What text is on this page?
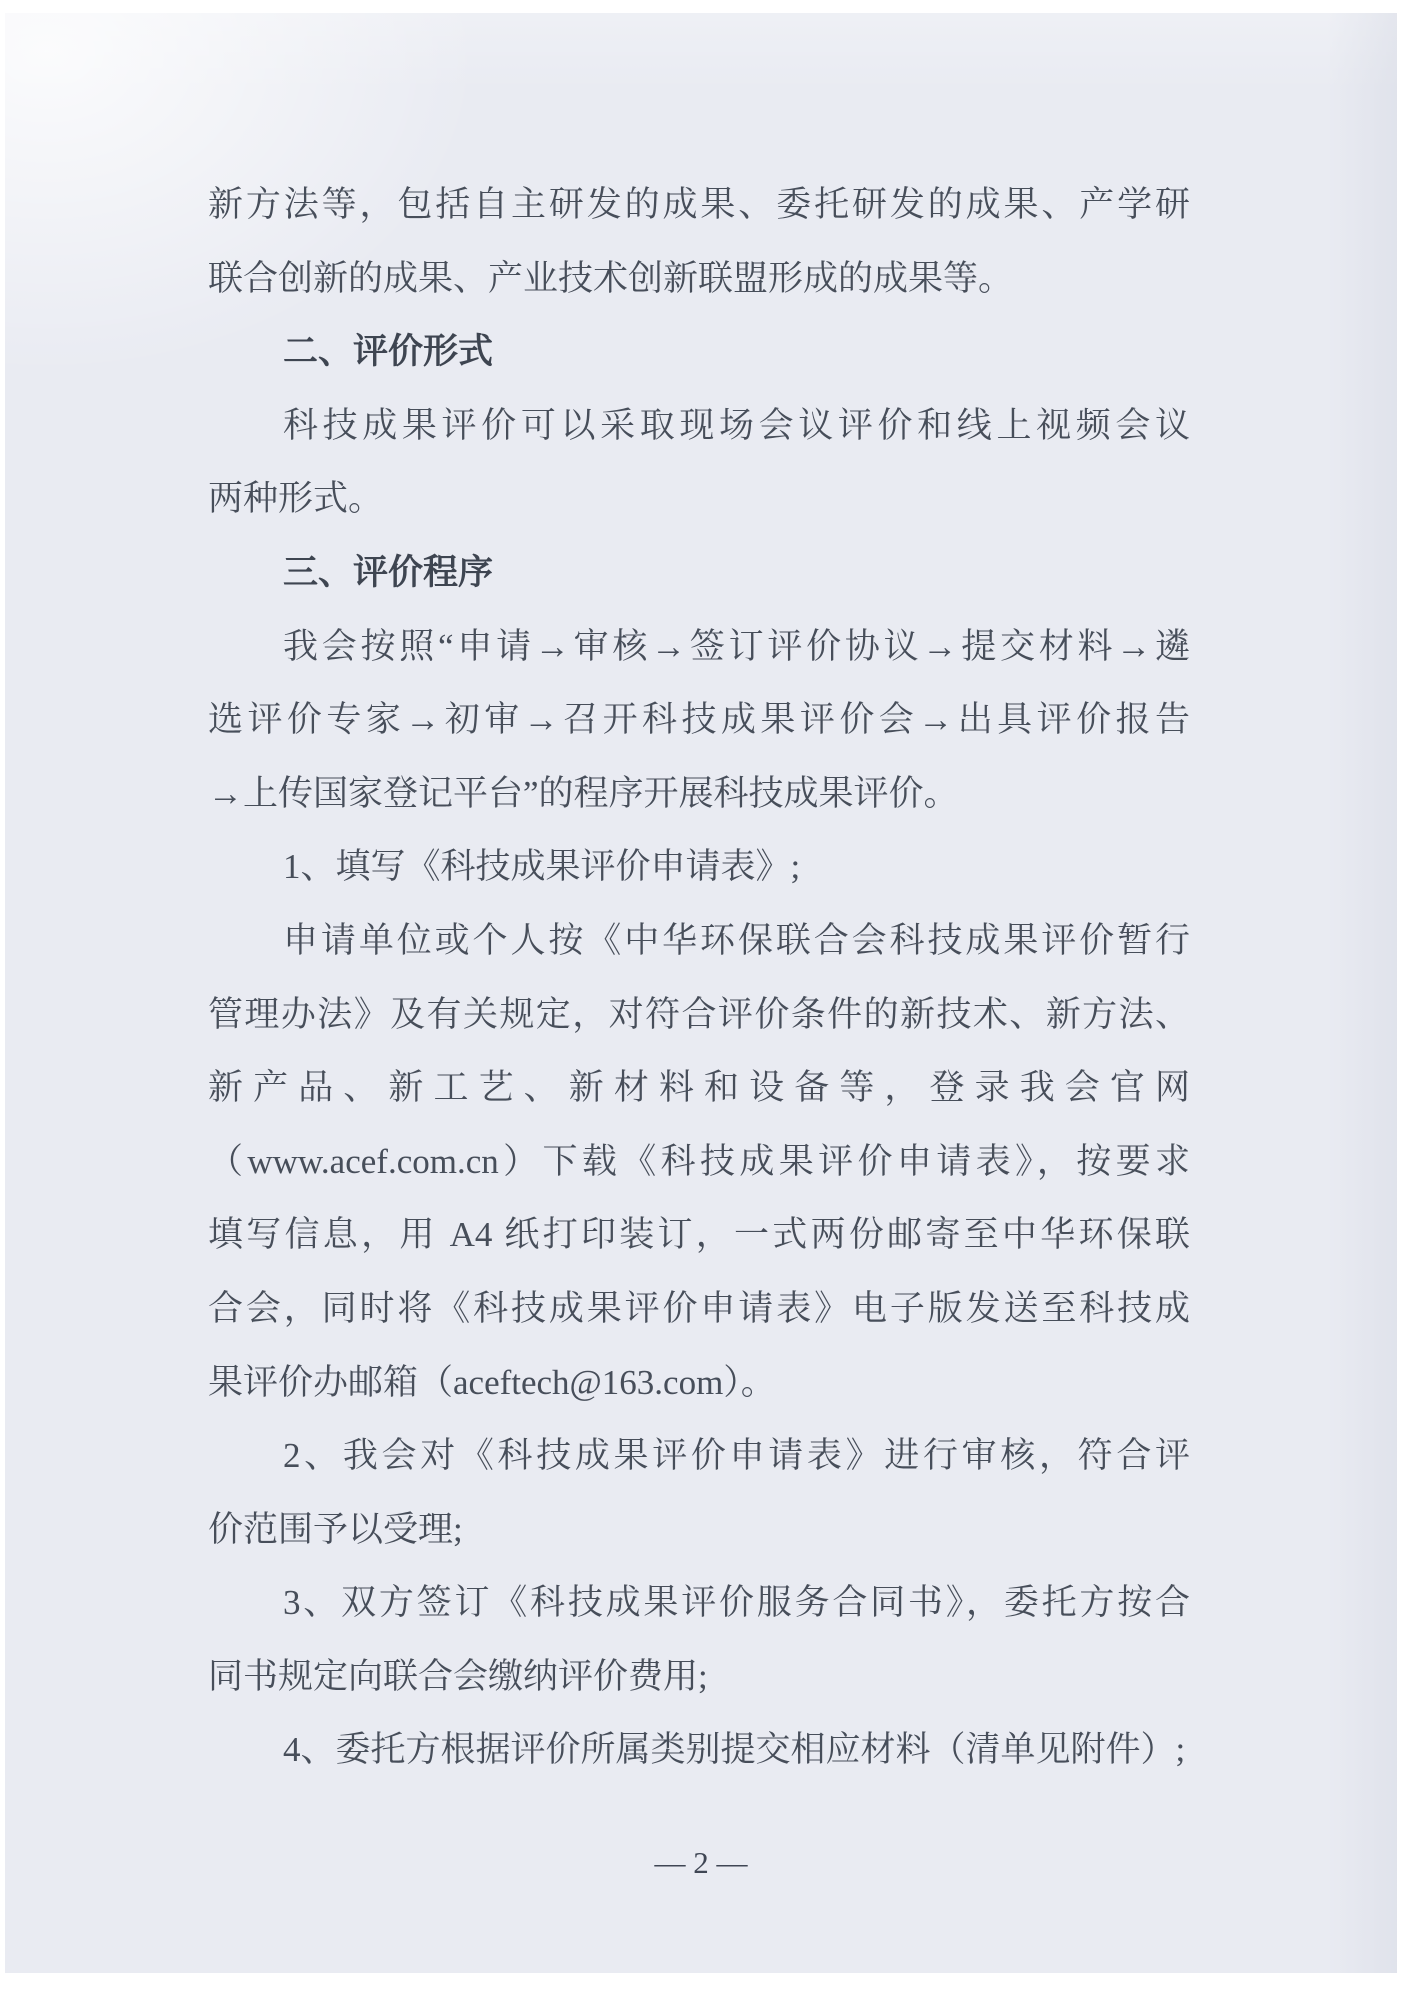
新方法等，包括自主研发的成果、委托研发的成果、产学研
联合创新的成果、产业技术创新联盟形成的成果等。
二、评价形式
科技成果评价可以采取现场会议评价和线上视频会议
两种形式。
三、评价程序
我会按照“申请→审核→签订评价协议→提交材料→遴
选评价专家→初审→召开科技成果评价会→出具评价报告
→上传国家登记平台”的程序开展科技成果评价。
1、填写《科技成果评价申请表》;
申请单位或个人按《中华环保联合会科技成果评价暂行
管理办法》及有关规定，对符合评价条件的新技术、新方法、
新产品、新工艺、新材料和设备等，登录我会官网
（www.acef.com.cn）下载《科技成果评价申请表》，按要求
填写信息，用 A4 纸打印装订，一式两份邮寄至中华环保联
合会，同时将《科技成果评价申请表》电子版发送至科技成
果评价办邮箱（aceftech@163.com）。
2、我会对《科技成果评价申请表》进行审核，符合评
价范围予以受理;
3、双方签订《科技成果评价服务合同书》，委托方按合
同书规定向联合会缴纳评价费用;
4、委托方根据评价所属类别提交相应材料（清单见附件）;
— 2 —
